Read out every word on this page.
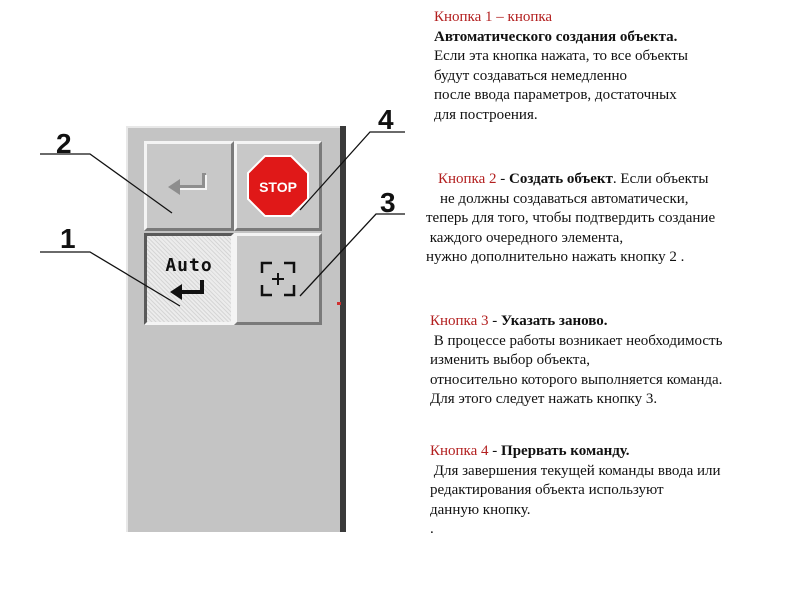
STOP
Auto
2
1
4
3
Кнопка 1 – кнопка
Автоматического создания объекта.
Если эта кнопка нажата, то все объекты
будут создаваться немедленно
после ввода параметров, достаточных
для построения.
Кнопка 2 - Создать объект. Если объекты
не должны создаваться автоматически,
теперь для того, чтобы подтвердить создание
каждого очередного элемента,
нужно дополнительно нажать кнопку 2 .
Кнопка 3 - Указать заново.
В процессе работы возникает необходимость
изменить выбор объекта,
относительно которого выполняется команда.
Для этого следует нажать кнопку 3.
Кнопка 4 - Прервать команду.
Для завершения текущей команды ввода или
редактирования объекта используют
данную кнопку.
.
